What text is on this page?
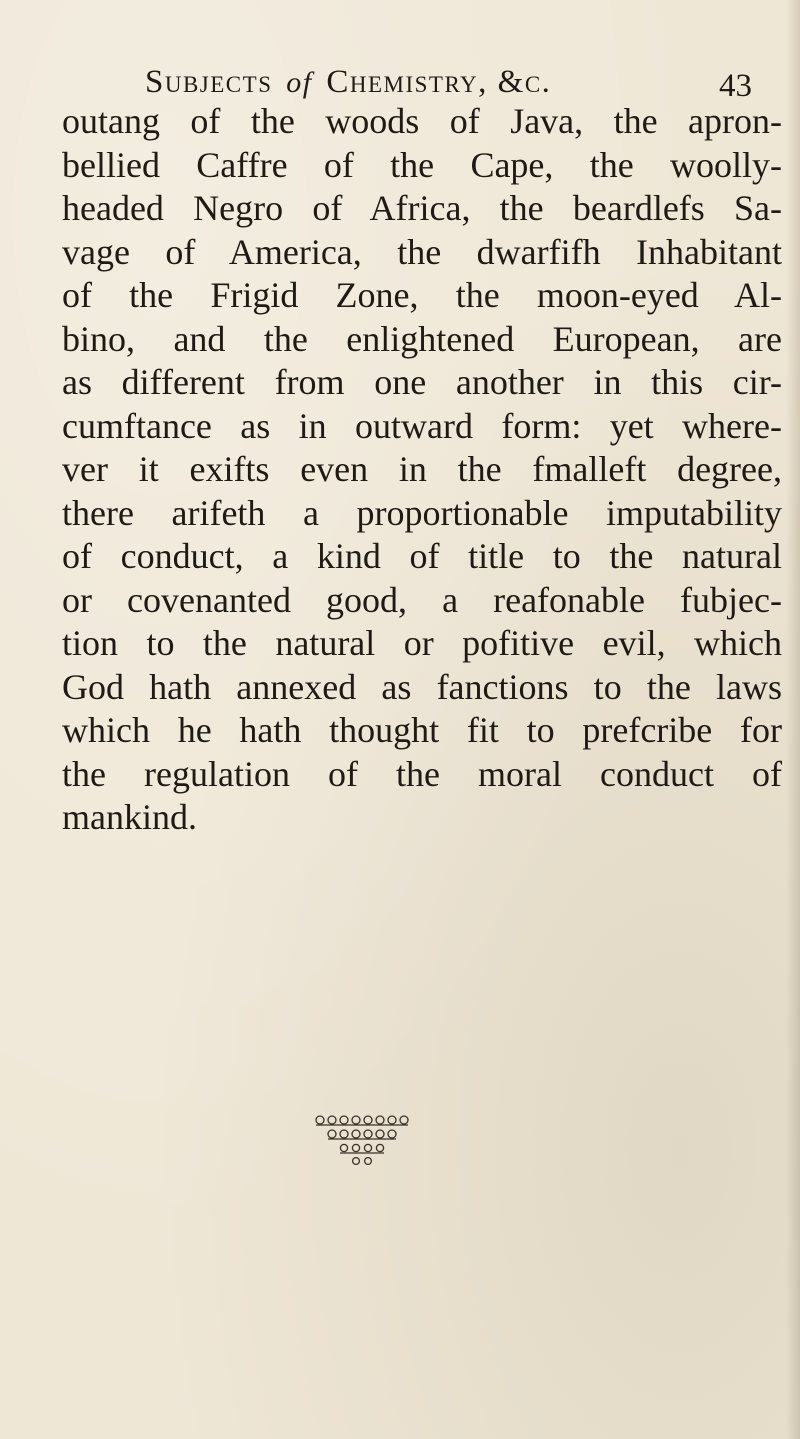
Subjects of Chemistry, &c.	43
outang of the woods of Java, the apron-
bellied Caffre of the Cape, the woolly-
headed Negro of Africa, the beardlefs Sa-
vage of America, the dwarfifh Inhabitant
of the Frigid Zone, the moon-eyed Al-
bino, and the enlightened European, are
as different from one another in this cir-
cumftance as in outward form: yet where-
ver it exifts even in the fmalleft degree,
there arifeth a proportionable imputability
of conduct, a kind of title to the natural
or covenanted good, a reafonable fubjec-
tion to the natural or pofitive evil, which
God hath annexed as fanctions to the laws
which he hath thought fit to prefcribe for
the regulation of the moral conduct of
mankind.
